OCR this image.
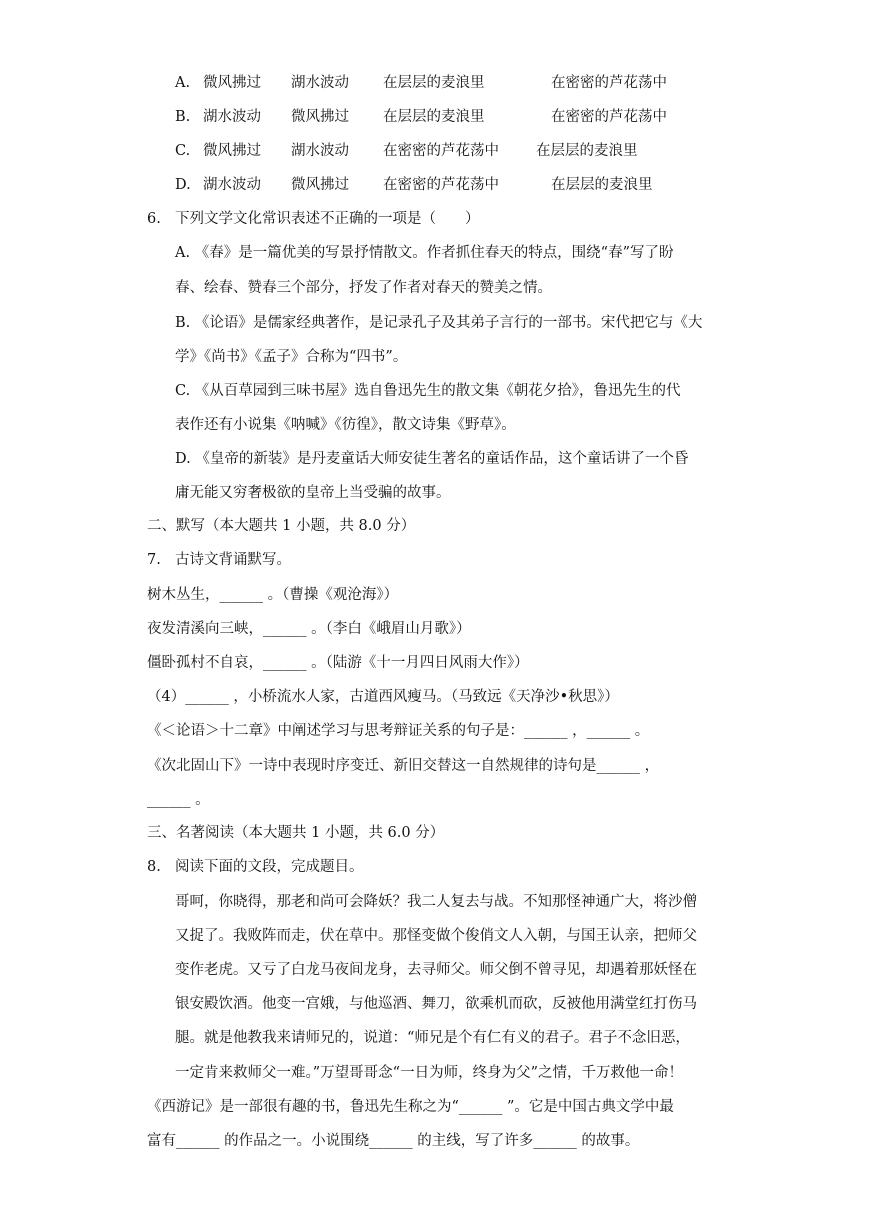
A. 微风拂过 湖水波动 在层层的麦浪里	在密密的芦花荡中
B. 湖水波动 微风拂过 在层层的麦浪里	在密密的芦花荡中
C. 微风拂过 湖水波动 在密密的芦花荡中	在层层的麦浪里
D. 湖水波动 微风拂过 在密密的芦花荡中	在层层的麦浪里
6. 下列文学文化常识表述不正确的一项是（　　）
A. 《春》是一篇优美的写景抒情散文。作者抓住春天的特点，围绕“春”写了盼
春、绘春、赞春三个部分，抒发了作者对春天的赞美之情。
B. 《论语》是儒家经典著作，是记录孔子及其弟子言行的一部书。宋代把它与《大
学》《尚书》《孟子》合称为“四书”。
C. 《从百草园到三味书屋》选自鲁迅先生的散文集《朝花夕拾》，鲁迅先生的代
表作还有小说集《呐喊》《彷徨》，散文诗集《野草》。
D. 《皇帝的新装》是丹麦童话大师安徒生著名的童话作品，这个童话讲了一个昏
庸无能又穷奢极欲的皇帝上当受骗的故事。
二、默写（本大题共 1 小题，共 8.0 分）
7. 古诗文背诵默写。
树木丛生，______ 。（曹操《观沧海》）
夜发清溪向三峡，______ 。（李白《峨眉山月歌》）
僵卧孤村不自哀，______ 。（陆游《十一月四日风雨大作》）
（4）______ ，小桥流水人家，古道西风瘦马。（马致远《天净沙•秋思》）
《＜论语＞十二章》中阐述学习与思考辩证关系的句子是：______ ，______ 。
《次北固山下》一诗中表现时序变迁、新旧交替这一自然规律的诗句是______ ，
______ 。
三、名著阅读（本大题共 1 小题，共 6.0 分）
8. 阅读下面的文段，完成题目。
哥呵，你晓得，那老和尚可会降妖？我二人复去与战。不知那怪神通广大，将沙僧
又捉了。我败阵而走，伏在草中。那怪变做个俊俏文人入朝，与国王认亲，把师父
变作老虎。又亏了白龙马夜间龙身，去寻师父。师父倒不曾寻见，却遇着那妖怪在
银安殿饮酒。他变一宫娥，与他巡酒、舞刀，欲乘机而砍，反被他用满堂红打伤马
腿。就是他教我来请师兄的，说道：“师兄是个有仁有义的君子。君子不念旧恶，
一定肯来救师父一难。”万望哥哥念“一日为师，终身为父”之情，千万救他一命！
《西游记》是一部很有趣的书，鲁迅先生称之为“______ ”。它是中国古典文学中最
富有______ 的作品之一。小说围绕______ 的主线，写了许多______ 的故事。
